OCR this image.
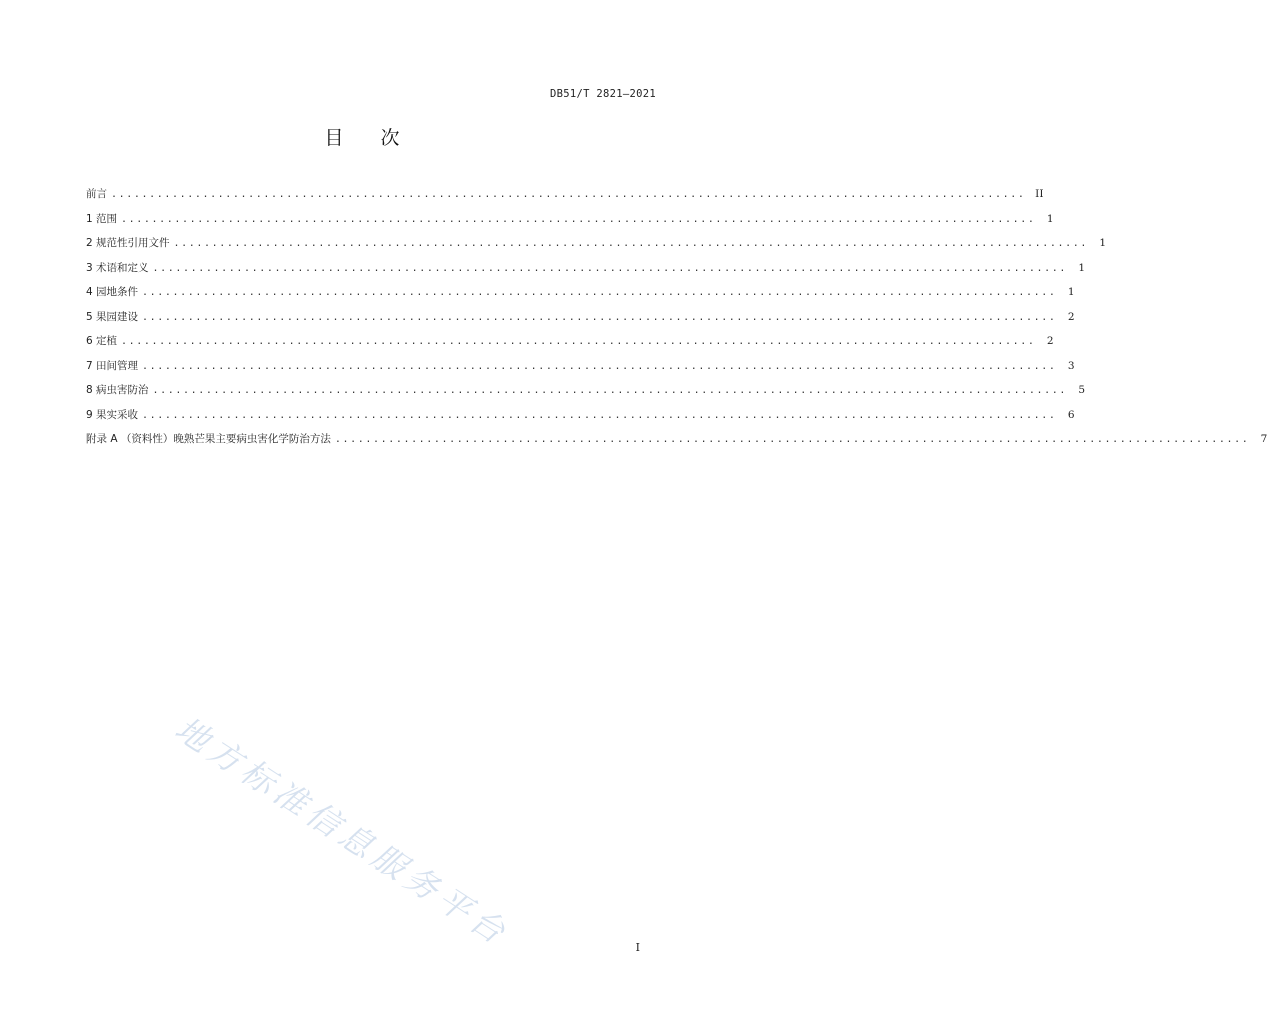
DB51/T 2821—2021
目 次
前言 ........................................................................................................................ II
1 范围 ........................................................................................................................	1
2 规范性引用文件 ........................................................................................................................	1
3 术语和定义 ........................................................................................................................	1
4 园地条件 ........................................................................................................................	1
5 果园建设 ........................................................................................................................	2
6 定植 ........................................................................................................................	2
7 田间管理 ........................................................................................................................	3
8 病虫害防治 ........................................................................................................................	5
9 果实采收 ........................................................................................................................	6
附录 A （资料性）晚熟芒果主要病虫害化学防治方法 ........................................................................................................................	7
地方标准信息服务平台	I
